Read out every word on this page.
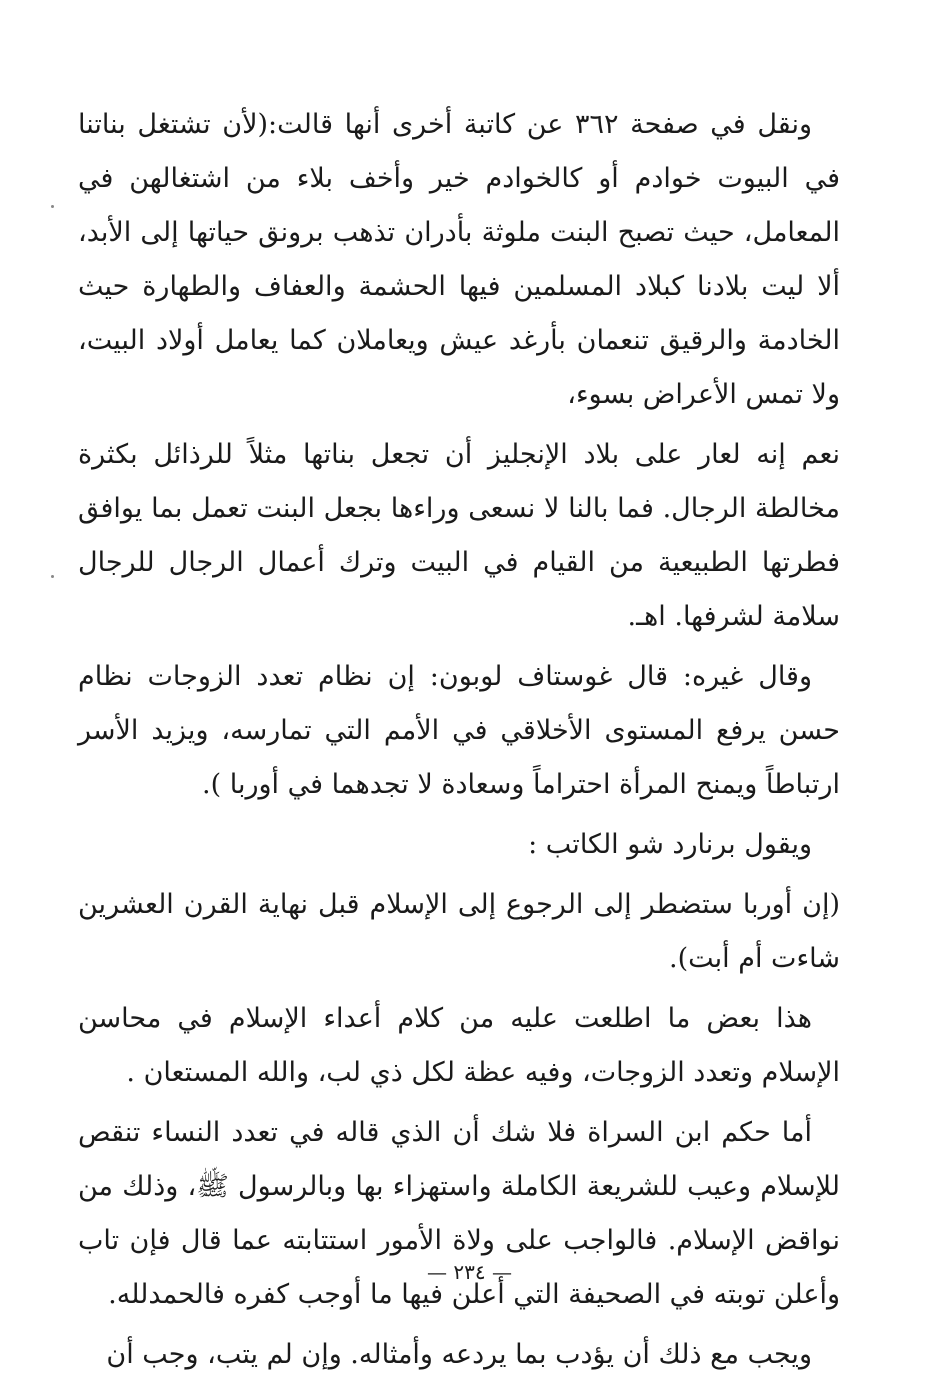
ونقل في صفحة ٣٦٢ عن كاتبة أخرى أنها قالت:(لأن تشتغل بناتنا في البيوت خوادم أو كالخوادم خير وأخف بلاء من اشتغالهن في المعامل، حيث تصبح البنت ملوثة بأدران تذهب برونق حياتها إلى الأبد، ألا ليت بلادنا كبلاد المسلمين فيها الحشمة والعفاف والطهارة حيث الخادمة والرقيق تنعمان بأرغد عيش ويعاملان كما يعامل أولاد البيت، ولا تمس الأعراض بسوء،

نعم إنه لعار على بلاد الإنجليز أن تجعل بناتها مثلاً للرذائل بكثرة مخالطة الرجال. فما بالنا لا نسعى وراءها بجعل البنت تعمل بما يوافق فطرتها الطبيعية من القيام في البيت وترك أعمال الرجال للرجال سلامة لشرفها. اهـ.

وقال غيره: قال غوستاف لوبون: إن نظام تعدد الزوجات نظام حسن يرفع المستوى الأخلاقي في الأمم التي تمارسه، ويزيد الأسر ارتباطاً ويمنح المرأة احتراماً وسعادة لا تجدهما في أوربا ).

ويقول برنارد شو الكاتب :

(إن أوربا ستضطر إلى الرجوع إلى الإسلام قبل نهاية القرن العشرين شاءت أم أبت).

هذا بعض ما اطلعت عليه من كلام أعداء الإسلام في محاسن الإسلام وتعدد الزوجات، وفيه عظة لكل ذي لب، والله المستعان .

أما حكم ابن السراة فلا شك أن الذي قاله في تعدد النساء تنقص للإسلام وعيب للشريعة الكاملة واستهزاء بها وبالرسول ﷺ، وذلك من نواقض الإسلام. فالواجب على ولاة الأمور استتابته عما قال فإن تاب وأعلن توبته في الصحيفة التي أعلن فيها ما أوجب كفره فالحمدلله.

ويجب مع ذلك أن يؤدب بما يردعه وأمثاله. وإن لم يتب، وجب أن

— ٢٣٤ —
